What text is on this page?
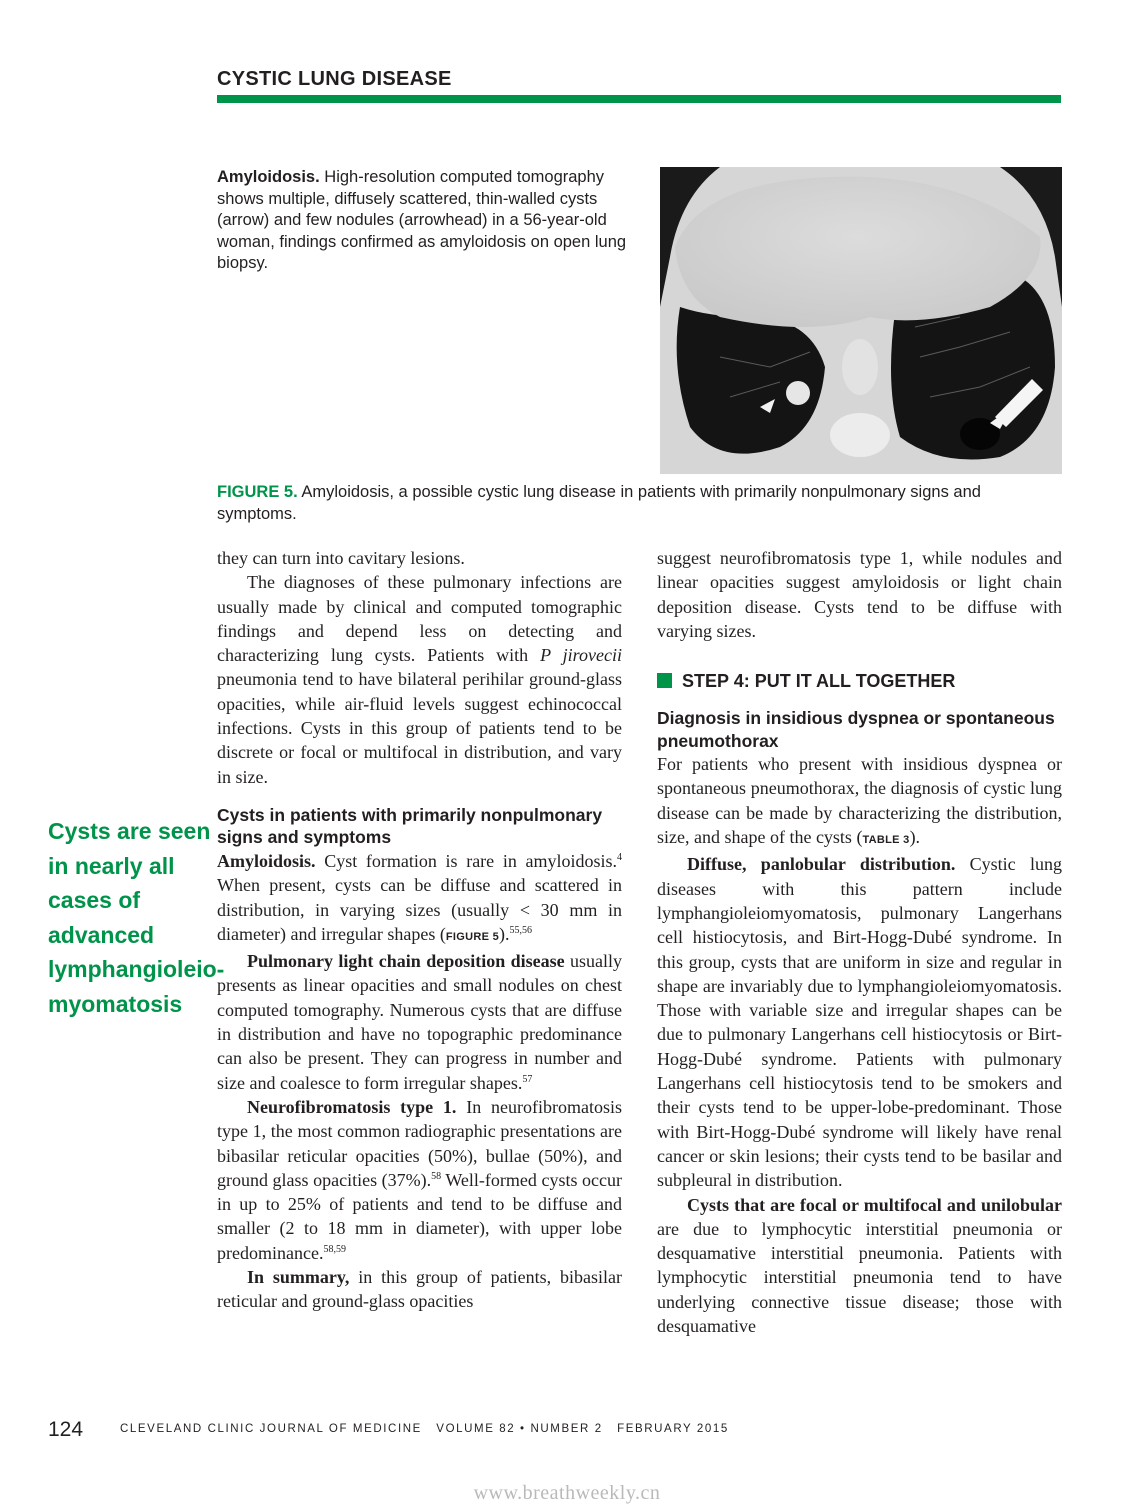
CYSTIC LUNG DISEASE
Amyloidosis. High-resolution computed tomography shows multiple, diffusely scattered, thin-walled cysts (arrow) and few nodules (arrowhead) in a 56-year-old woman, findings confirmed as amyloidosis on open lung biopsy.
FIGURE 5. Amyloidosis, a possible cystic lung disease in patients with primarily nonpulmonary signs and symptoms.

they can turn into cavitary lesions.

The diagnoses of these pulmonary infections are usually made by clinical and computed tomographic findings and depend less on detecting and characterizing lung cysts. Patients with P jirovecii pneumonia tend to have bilateral perihilar ground-glass opacities, while air-fluid levels suggest echinococcal infections. Cysts in this group of patients tend to be discrete or focal or multifocal in distribution, and vary in size.

Cysts in patients with primarily nonpulmonary signs and symptoms

Amyloidosis. Cyst formation is rare in amyloidosis.$^4$ When present, cysts can be diffuse and scattered in distribution, in varying sizes (usually < 30 mm in diameter) and irregular shapes (FIGURE 5).$^{55,56}$

Pulmonary light chain deposition disease usually presents as linear opacities and small nodules on chest computed tomography. Numerous cysts that are diffuse in distribution and have no topographic predominance can also be present. They can progress in number and size and coalesce to form irregular shapes.$^{57}$

Neurofibromatosis type 1. In neurofibromatosis type 1, the most common radiographic presentations are bibasilar reticular opacities (50%), bullae (50%), and ground glass opacities (37%).$^{58}$ Well-formed cysts occur in up to 25% of patients and tend to be diffuse and smaller (2 to 18 mm in diameter), with upper lobe predominance.$^{58,59}$

In summary, in this group of patients, bibasilar reticular and ground-glass opacities

suggest neurofibromatosis type 1, while nodules and linear opacities suggest amyloidosis or light chain deposition disease. Cysts tend to be diffuse with varying sizes.

STEP 4: PUT IT ALL TOGETHER
Diagnosis in insidious dyspnea or spontaneous pneumothorax

For patients who present with insidious dyspnea or spontaneous pneumothorax, the diagnosis of cystic lung disease can be made by characterizing the distribution, size, and shape of the cysts (TABLE 3).

Diffuse, panlobular distribution. Cystic lung diseases with this pattern include lymphangioleiomyomatosis, pulmonary Langerhans cell histiocytosis, and Birt-Hogg-Dubé syndrome. In this group, cysts that are uniform in size and regular in shape are invariably due to lymphangioleiomyomatosis. Those with variable size and irregular shapes can be due to pulmonary Langerhans cell histiocytosis or Birt-Hogg-Dubé syndrome. Patients with pulmonary Langerhans cell histiocytosis tend to be smokers and their cysts tend to be upper-lobe-predominant. Those with Birt-Hogg-Dubé syndrome will likely have renal cancer or skin lesions; their cysts tend to be basilar and subpleural in distribution.

Cysts that are focal or multifocal and unilobular are due to lymphocytic interstitial pneumonia or desquamative interstitial pneumonia. Patients with lymphocytic interstitial pneumonia tend to have underlying connective tissue disease; those with desquamative

Cysts are seen in nearly all cases of advanced lymphangioleio-myomatosis
124	CLEVELAND CLINIC JOURNAL OF MEDICINE   VOLUME 82 • NUMBER 2   FEBRUARY 2015
www.breathweekly.cn
